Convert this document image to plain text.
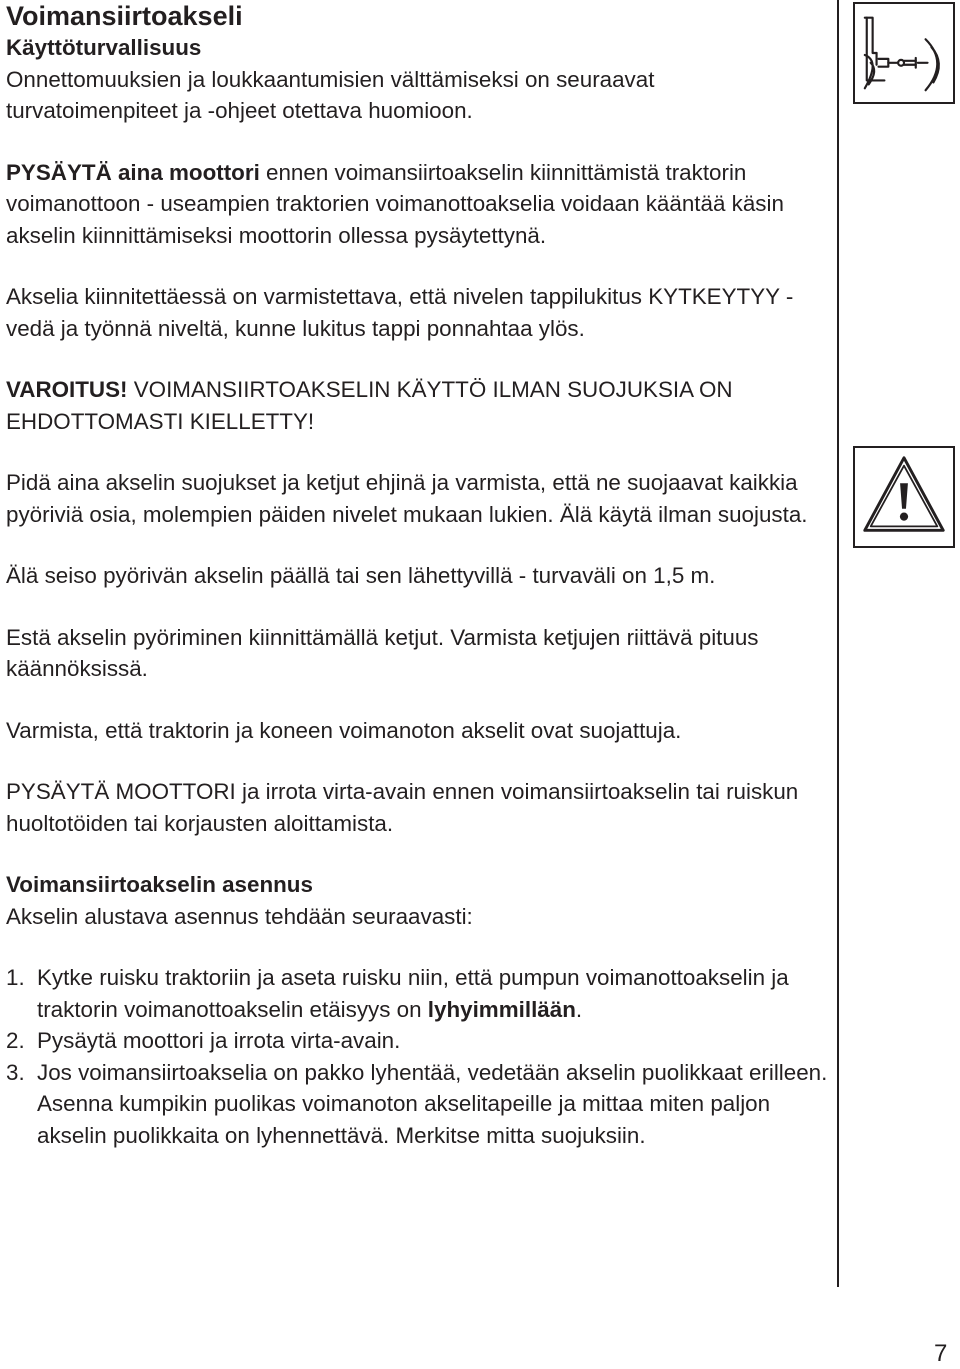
Voimansiirtoakseli

Käyttöturvallisuus

Onnettomuuksien ja loukkaantumisien välttämiseksi on seuraavat turvatoimenpiteet ja -ohjeet otettava huomioon.

PYSÄYTÄ aina moottori ennen voimansiirtoakselin kiinnittämistä traktorin voimanottoon - useampien traktorien voimanottoakselia voidaan kääntää käsin akselin kiinnittämiseksi moottorin ollessa pysäytettynä.

Akselia kiinnitettäessä on varmistettava, että nivelen tappilukitus KYTKEYTYY - vedä ja työnnä niveltä, kunne lukitus tappi ponnahtaa ylös.

VAROITUS! VOIMANSIIRTOAKSELIN KÄYTTÖ ILMAN SUOJUKSIA ON EHDOTTOMASTI KIELLETTY!

Pidä aina akselin suojukset ja ketjut ehjinä ja varmista, että ne suojaavat kaikkia pyöriviä osia, molempien päiden nivelet mukaan lukien. Älä käytä ilman suojusta.

Älä seiso pyörivän akselin päällä tai sen lähettyvillä - turvaväli on 1,5 m.

Estä akselin pyöriminen kiinnittämällä ketjut. Varmista ketjujen riittävä pituus käännöksissä.

Varmista, että traktorin ja koneen voimanoton akselit ovat suojattuja.

PYSÄYTÄ MOOTTORI ja irrota virta-avain ennen voimansiirtoakselin tai ruiskun huoltotöiden tai korjausten aloittamista.

Voimansiirtoakselin asennus

Akselin alustava asennus tehdään seuraavasti:

1. Kytke ruisku traktoriin ja aseta ruisku niin, että pumpun voimanottoakselin ja traktorin voimanottoakselin etäisyys on lyhyimmillään.
2. Pysäytä moottori ja irrota virta-avain.
3. Jos voimansiirtoakselia on pakko lyhentää, vedetään akselin puolikkaat erilleen. Asenna kumpikin puolikas voimanoton akselitapeille ja mittaa miten paljon akselin puolikkaita on lyhennettävä. Merkitse mitta suojuksiin.
7
